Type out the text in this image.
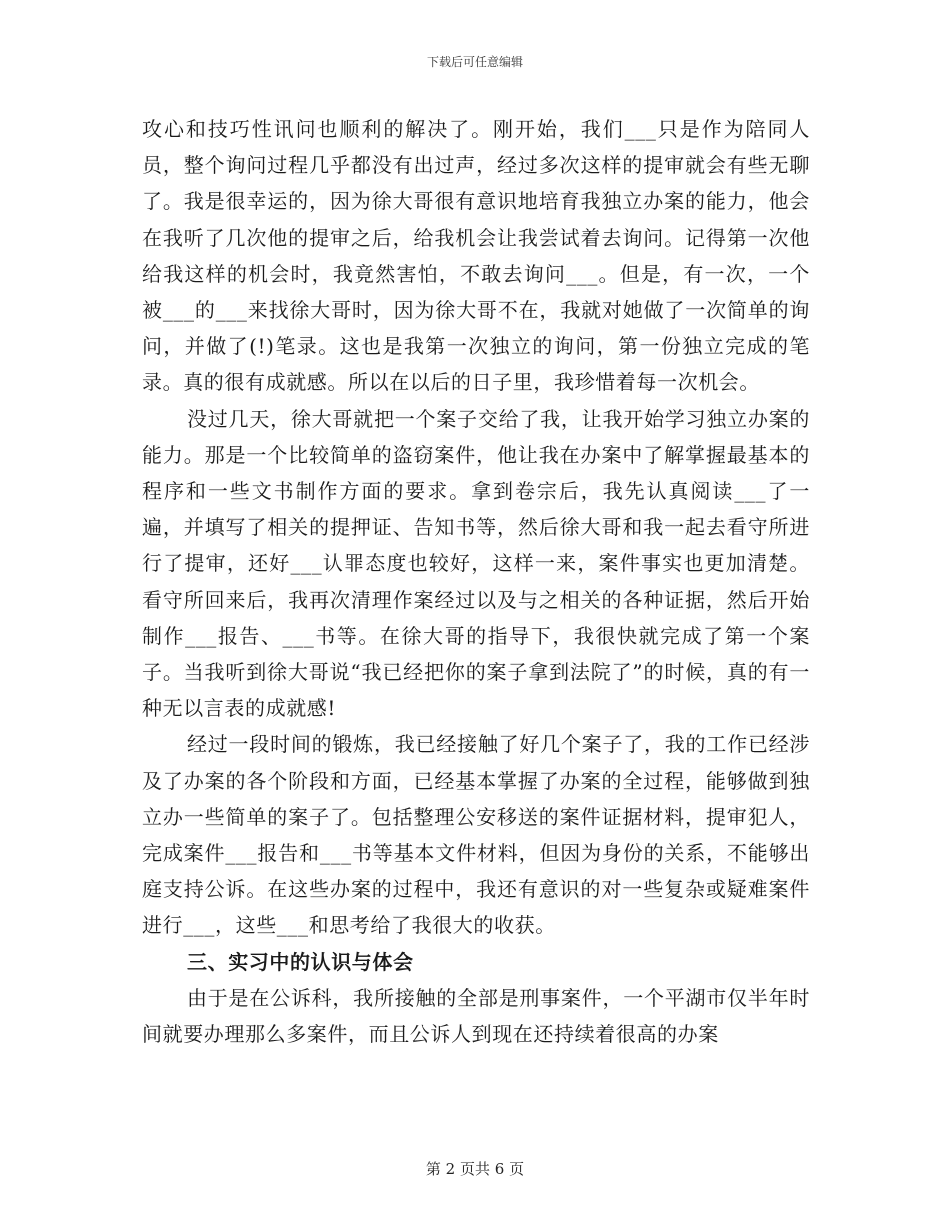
下载后可任意编辑

攻心和技巧性讯问也顺利的解决了。刚开始，我们___只是作为陪同人员，整个询问过程几乎都没有出过声，经过多次这样的提审就会有些无聊了。我是很幸运的，因为徐大哥很有意识地培育我独立办案的能力，他会在我听了几次他的提审之后，给我机会让我尝试着去询问。记得第一次他给我这样的机会时，我竟然害怕，不敢去询问___。但是，有一次，一个被___的___来找徐大哥时，因为徐大哥不在，我就对她做了一次简单的询问，并做了(!)笔录。这也是我第一次独立的询问，第一份独立完成的笔录。真的很有成就感。所以在以后的日子里，我珍惜着每一次机会。

没过几天，徐大哥就把一个案子交给了我，让我开始学习独立办案的能力。那是一个比较简单的盗窃案件，他让我在办案中了解掌握最基本的程序和一些文书制作方面的要求。拿到卷宗后，我先认真阅读___了一遍，并填写了相关的提押证、告知书等，然后徐大哥和我一起去看守所进行了提审，还好___认罪态度也较好，这样一来，案件事实也更加清楚。看守所回来后，我再次清理作案经过以及与之相关的各种证据，然后开始制作___报告、___书等。在徐大哥的指导下，我很快就完成了第一个案子。当我听到徐大哥说“我已经把你的案子拿到法院了”的时候，真的有一种无以言表的成就感!

经过一段时间的锻炼，我已经接触了好几个案子了，我的工作已经涉及了办案的各个阶段和方面，已经基本掌握了办案的全过程，能够做到独立办一些简单的案子了。包括整理公安移送的案件证据材料，提审犯人，完成案件___报告和___书等基本文件材料，但因为身份的关系，不能够出庭支持公诉。在这些办案的过程中，我还有意识的对一些复杂或疑难案件进行___，这些___和思考给了我很大的收获。

三、实习中的认识与体会

由于是在公诉科，我所接触的全部是刑事案件，一个平湖市仅半年时间就要办理那么多案件，而且公诉人到现在还持续着很高的办案

第 2 页共 6 页
